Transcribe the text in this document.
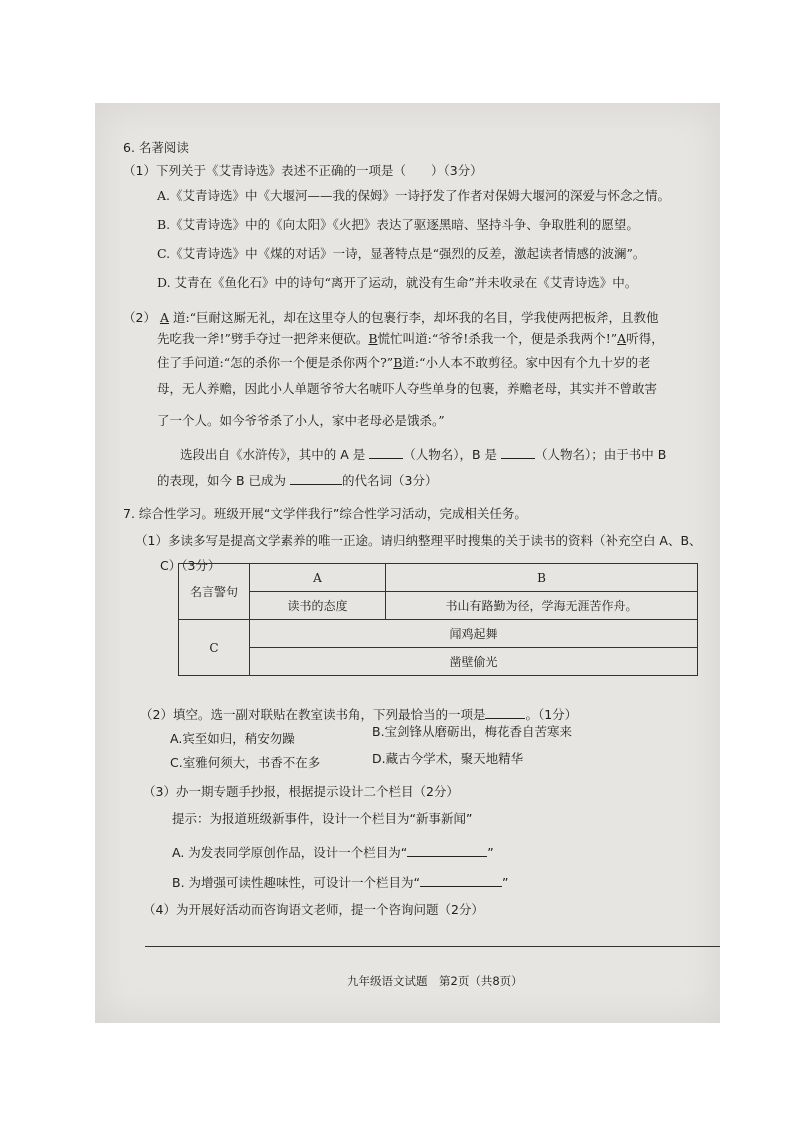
6. 名著阅读
（1）下列关于《艾青诗选》表述不正确的一项是（　　）（3分）
A.《艾青诗选》中《大堰河——我的保姆》一诗抒发了作者对保姆大堰河的深爱与怀念之情。
B.《艾青诗选》中的《向太阳》《火把》表达了驱逐黑暗、坚持斗争、争取胜利的愿望。
C.《艾青诗选》中《煤的对话》一诗，显著特点是“强烈的反差，激起读者情感的波澜”。
D. 艾青在《鱼化石》中的诗句“离开了运动，就没有生命”并未收录在《艾青诗选》中。
（2） A 道:“巨耐这厮无礼，却在这里夺人的包裹行李，却坏我的名目，学我使两把板斧，且教他
先吃我一斧!”劈手夺过一把斧来便砍。B慌忙叫道:“爷爷!杀我一个，便是杀我两个!”A听得，
住了手问道:“怎的杀你一个便是杀你两个?”B道:“小人本不敢剪径。家中因有个九十岁的老
母，无人养赡，因此小人单题爷爷大名唬吓人夺些单身的包裹，养赡老母，其实并不曾敢害
了一个人。如今爷爷杀了小人，家中老母必是饿杀。”
选段出自《水浒传》，其中的 A 是	（人物名），B 是	（人物名）；由于书中 B
的表现，如今 B 已成为	的代名词（3分）
7. 综合性学习。班级开展“文学伴我行”综合性学习活动，完成相关任务。
（1）多读多写是提高文学素养的唯一正途。请归纳整理平时搜集的关于读书的资料（补充空白 A、B、
C）（3分）
名言警句	A	B
	读书的态度	书山有路勤为径，学海无涯苦作舟。
C	闻鸡起舞	
	凿壁偷光	
（2）填空。选一副对联贴在教室读书角，下列最恰当的一项是	。（1分）
A.宾至如归，稍安勿躁	B.宝剑锋从磨砺出，梅花香自苦寒来
C.室雅何须大，书香不在多	D.藏古今学术，聚天地精华
（3）办一期专题手抄报，根据提示设计二个栏目（2分）
提示：为报道班级新事件，设计一个栏目为“新事新闻”
A. 为发表同学原创作品，设计一个栏目为“	”
B. 为增强可读性趣味性，可设计一个栏目为“	”
（4）为开展好活动而咨询语文老师，提一个咨询问题（2分）
九年级语文试题　第2页（共8页）
